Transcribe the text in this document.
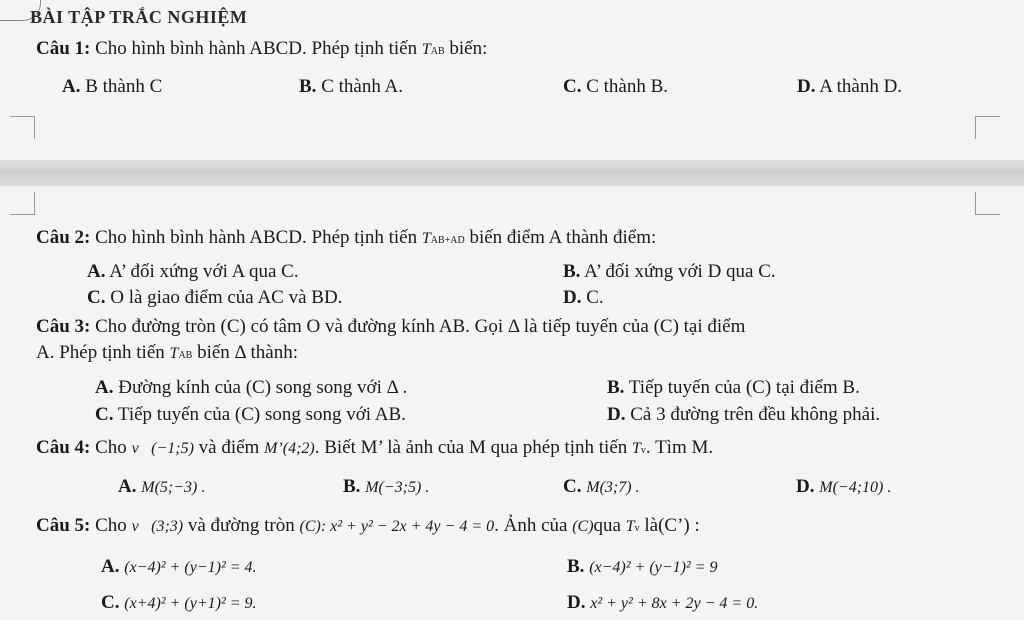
BÀI TẬP TRẮC NGHIỆM
Câu 1: Cho hình bình hành ABCD. Phép tịnh tiến TAB biến:
A. B thành C	B. C thành A.	C. C thành B.	D. A thành D.
Câu 2: Cho hình bình hành ABCD. Phép tịnh tiến TAB+AD biến điểm A thành điểm:
A. A’ đối xứng với A qua C.	B. A’ đối xứng với D qua C.
C. O là giao điểm của AC và BD.	D. C.
Câu 3: Cho đường tròn (C) có tâm O và đường kính AB. Gọi Δ là tiếp tuyến của (C) tại điểm
A. Phép tịnh tiến TAB biến Δ thành:
A. Đường kính của (C) song song với Δ .	B. Tiếp tuyến của (C) tại điểm B.
C. Tiếp tuyến của (C) song song với AB.	D. Cả 3 đường trên đều không phải.
Câu 4: Cho v⃗(−1;5) và điểm M’(4;2). Biết M’ là ảnh của M qua phép tịnh tiến Tv. Tìm M.
A. M(5;−3) .	B. M(−3;5) .	C. M(3;7) .	D. M(−4;10) .
Câu 5: Cho v⃗(3;3) và đường tròn (C): x² + y² − 2x + 4y − 4 = 0. Ảnh của (C)qua Tv là(C’) :
A. (x−4)² + (y−1)² = 4.	B. (x−4)² + (y−1)² = 9
C. (x+4)² + (y+1)² = 9.	D. x² + y² + 8x + 2y − 4 = 0.
